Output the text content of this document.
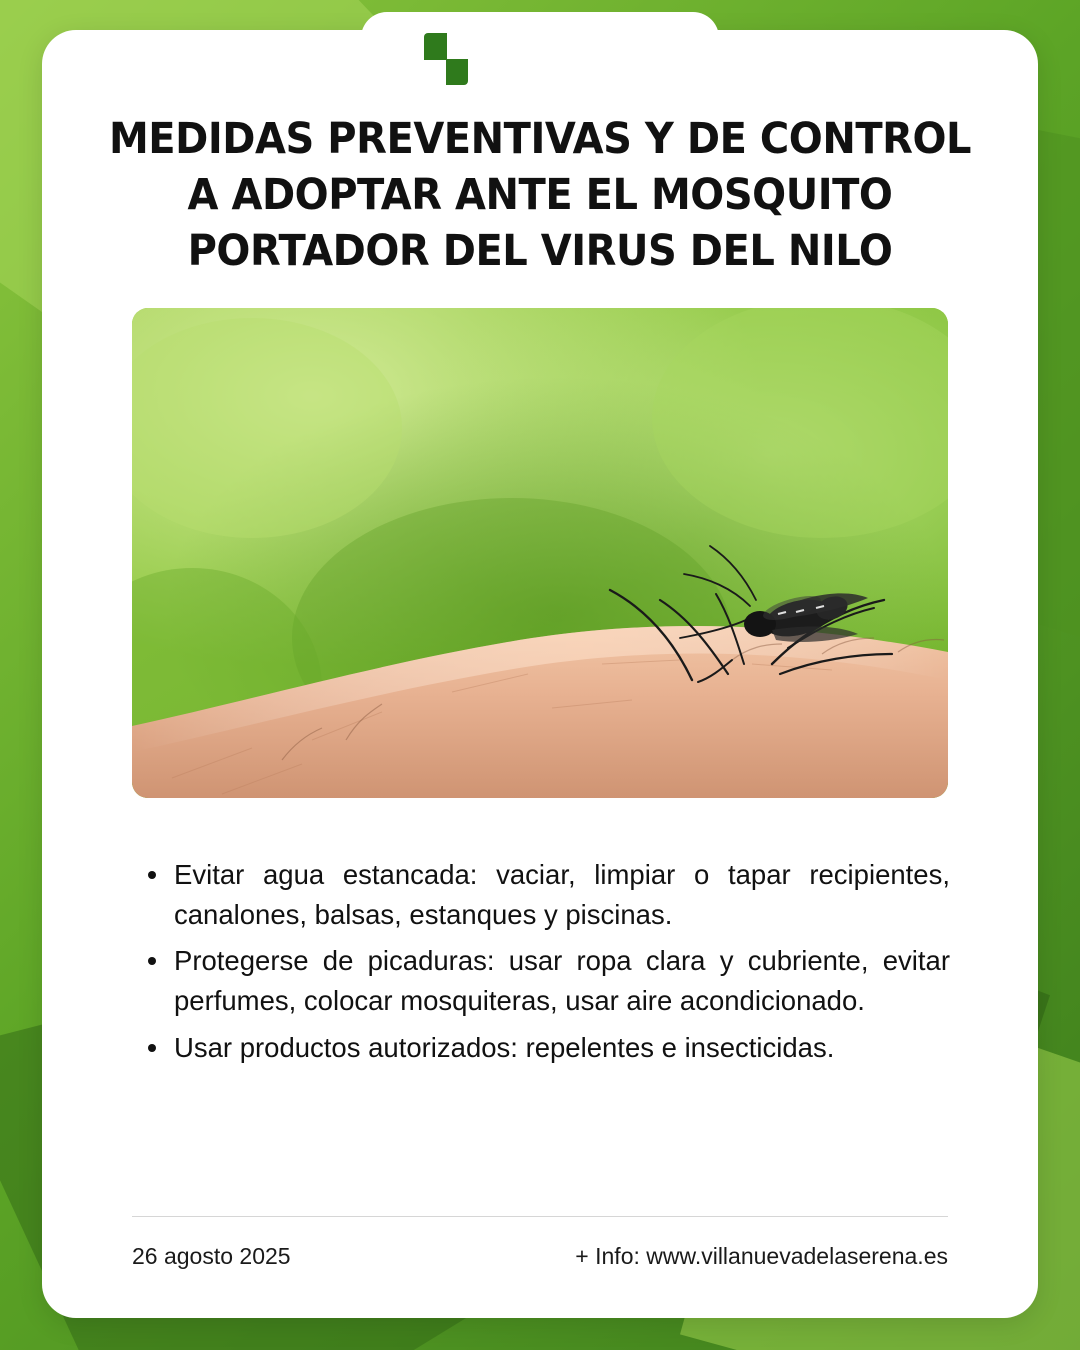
Ayuntamiento de
Villanueva de la Serena
MEDIDAS PREVENTIVAS Y DE CONTROL A ADOPTAR ANTE EL MOSQUITO PORTADOR DEL VIRUS DEL NILO
Evitar agua estancada: vaciar, limpiar o tapar recipientes, canalones, balsas, estanques y piscinas.
Protegerse de picaduras: usar ropa clara y cubriente, evitar perfumes, colocar mosquiteras, usar aire acondicionado.
Usar productos autorizados: repelentes e insecticidas.
26 agosto 2025	+ Info: www.villanuevadelaserena.es
